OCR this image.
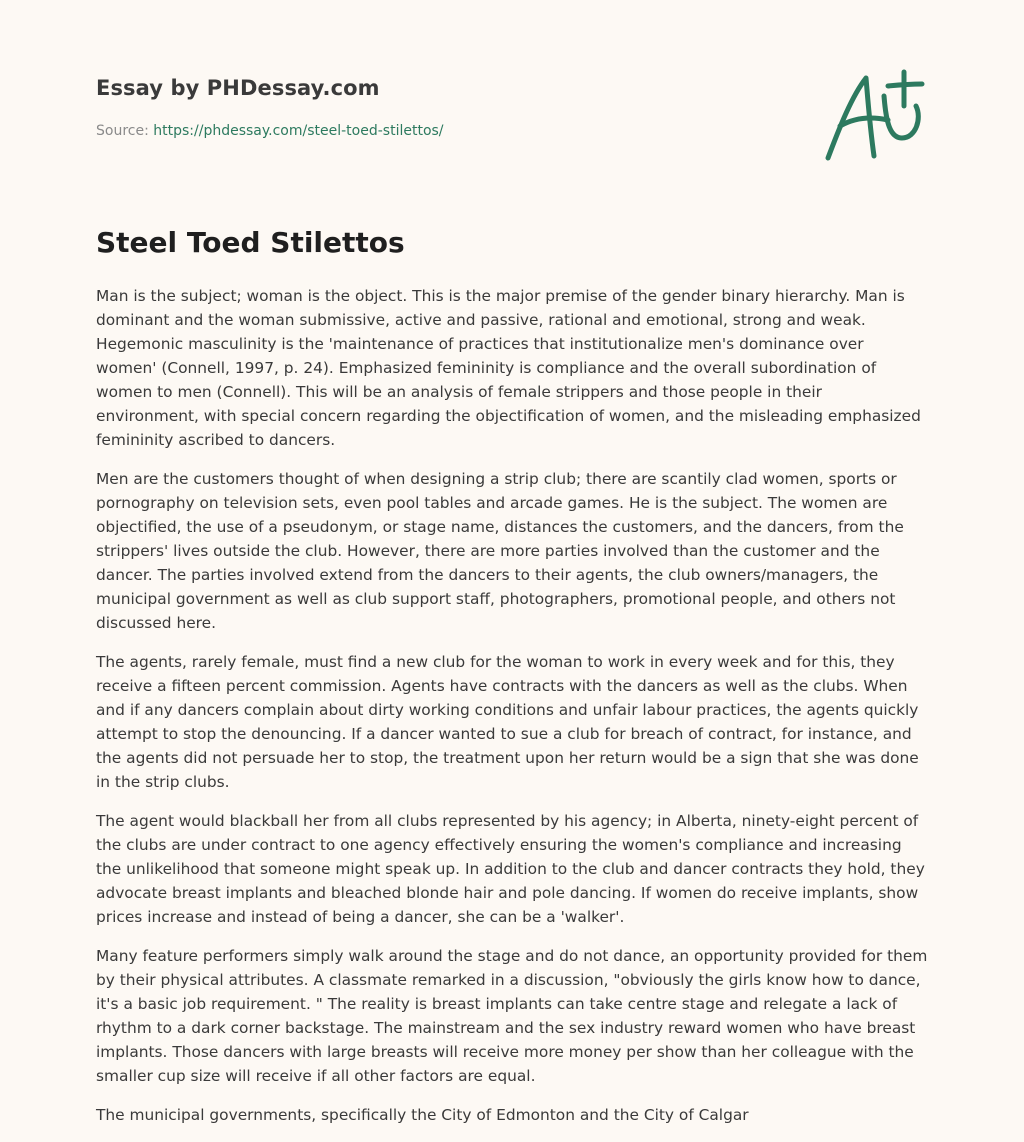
Essay by PHDessay.com
Source: https://phdessay.com/steel-toed-stilettos/
Steel Toed Stilettos

Man is the subject; woman is the object. This is the major premise of the gender binary hierarchy. Man is dominant and the woman submissive, active and passive, rational and emotional, strong and weak. Hegemonic masculinity is the 'maintenance of practices that institutionalize men's dominance over women' (Connell, 1997, p. 24). Emphasized femininity is compliance and the overall subordination of women to men (Connell). This will be an analysis of female strippers and those people in their environment, with special concern regarding the objectification of women, and the misleading emphasized femininity ascribed to dancers.

Men are the customers thought of when designing a strip club; there are scantily clad women, sports or pornography on television sets, even pool tables and arcade games. He is the subject. The women are objectified, the use of a pseudonym, or stage name, distances the customers, and the dancers, from the strippers' lives outside the club. However, there are more parties involved than the customer and the dancer. The parties involved extend from the dancers to their agents, the club owners/managers, the municipal government as well as club support staff, photographers, promotional people, and others not discussed here.

The agents, rarely female, must find a new club for the woman to work in every week and for this, they receive a fifteen percent commission. Agents have contracts with the dancers as well as the clubs. When and if any dancers complain about dirty working conditions and unfair labour practices, the agents quickly attempt to stop the denouncing. If a dancer wanted to sue a club for breach of contract, for instance, and the agents did not persuade her to stop, the treatment upon her return would be a sign that she was done in the strip clubs.

The agent would blackball her from all clubs represented by his agency; in Alberta, ninety-eight percent of the clubs are under contract to one agency effectively ensuring the women's compliance and increasing the unlikelihood that someone might speak up. In addition to the club and dancer contracts they hold, they advocate breast implants and bleached blonde hair and pole dancing. If women do receive implants, show prices increase and instead of being a dancer, she can be a 'walker'.

Many feature performers simply walk around the stage and do not dance, an opportunity provided for them by their physical attributes. A classmate remarked in a discussion, "obviously the girls know how to dance, it's a basic job requirement. " The reality is breast implants can take centre stage and relegate a lack of rhythm to a dark corner backstage. The mainstream and the sex industry reward women who have breast implants. Those dancers with large breasts will receive more money per show than her colleague with the smaller cup size will receive if all other factors are equal.

The municipal governments, specifically the City of Edmonton and the City of Calgar
